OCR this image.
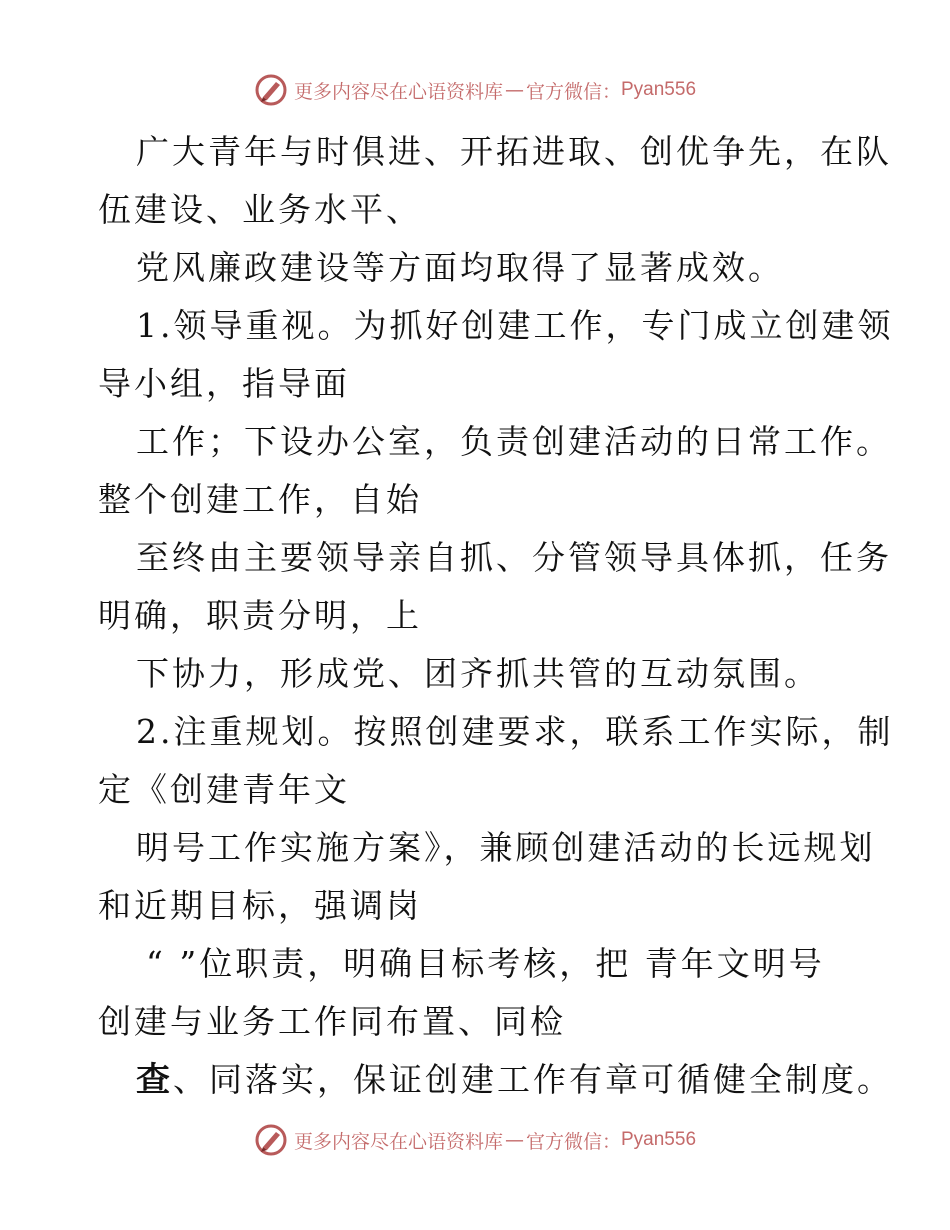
更多内容尽在心语资料库 — 官方微信： Pyan556
广大青年与时俱进、开拓进取、创优争先，在队
伍建设、业务水平、
党风廉政建设等方面均取得了显著成效。
1.领导重视。为抓好创建工作，专门成立创建领
导小组，指导面
工作；下设办公室，负责创建活动的日常工作。
整个创建工作，自始
至终由主要领导亲自抓、分管领导具体抓，任务
明确，职责分明，上
下协力，形成党、团齐抓共管的互动氛围。
2.注重规划。按照创建要求，联系工作实际，制
定《创建青年文
明号工作实施方案》，兼顾创建活动的长远规划
和近期目标，强调岗
“ ”位职责，明确目标考核，把 青年文明号
创建与业务工作同布置、同检
查、同落实，保证创建工作有章可循健全制度。
更多内容尽在心语资料库 — 官方微信： Pyan556
